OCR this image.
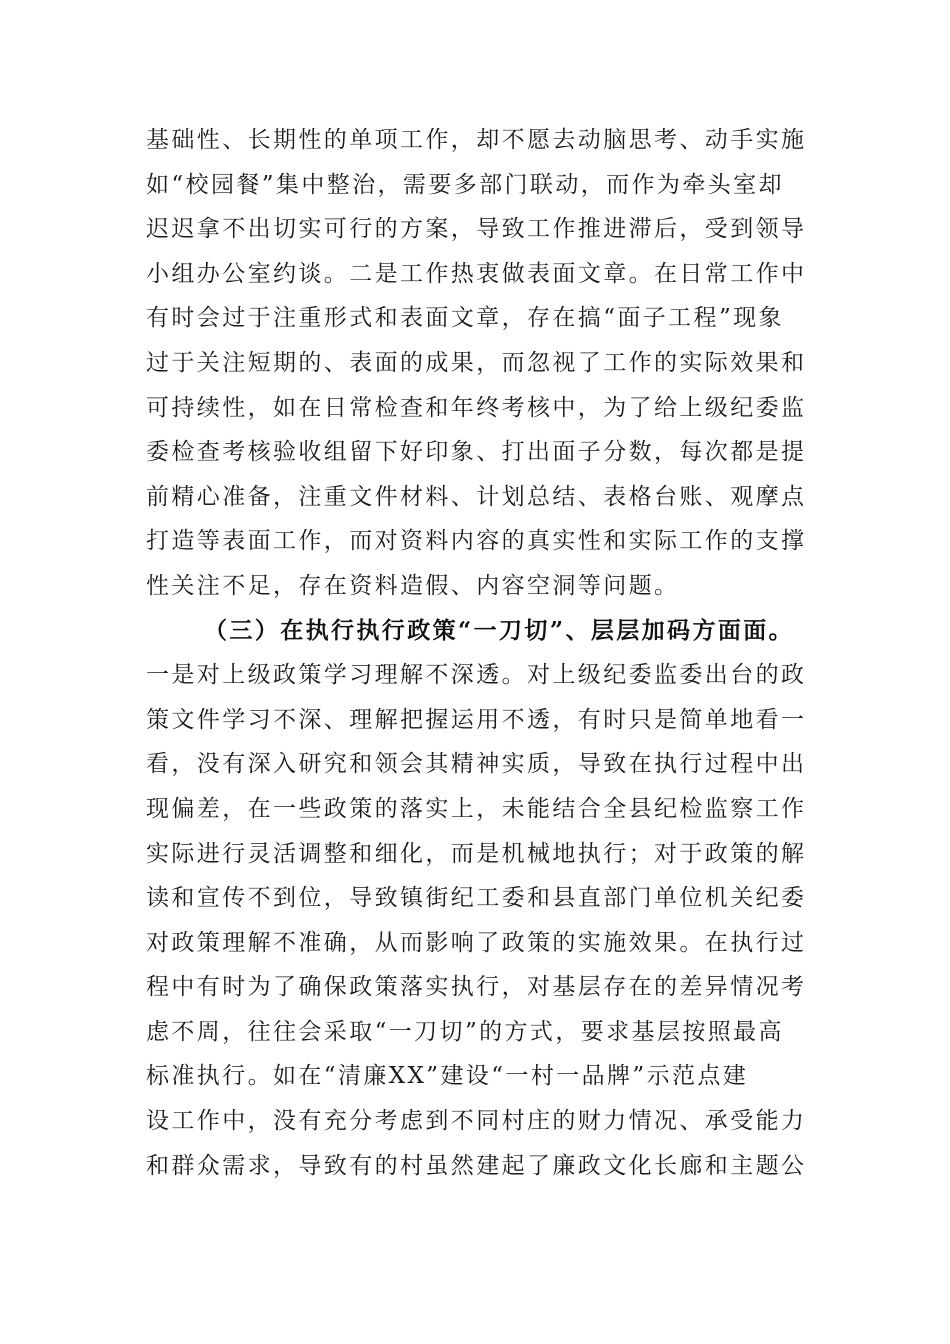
基础性、长期性的单项工作，却不愿去动脑思考、动手实施
如“校园餐”集中整治，需要多部门联动，而作为牵头室却
迟迟拿不出切实可行的方案，导致工作推进滞后，受到领导
小组办公室约谈。二是工作热衷做表面文章。在日常工作中
有时会过于注重形式和表面文章，存在搞“面子工程”现象
过于关注短期的、表面的成果，而忽视了工作的实际效果和
可持续性，如在日常检查和年终考核中，为了给上级纪委监
委检查考核验收组留下好印象、打出面子分数，每次都是提
前精心准备，注重文件材料、计划总结、表格台账、观摩点
打造等表面工作，而对资料内容的真实性和实际工作的支撑
性关注不足，存在资料造假、内容空洞等问题。
（三）在执行执行政策“一刀切”、层层加码方面面。
一是对上级政策学习理解不深透。对上级纪委监委出台的政
策文件学习不深、理解把握运用不透，有时只是简单地看一
看，没有深入研究和领会其精神实质，导致在执行过程中出
现偏差，在一些政策的落实上，未能结合全县纪检监察工作
实际进行灵活调整和细化，而是机械地执行；对于政策的解
读和宣传不到位，导致镇街纪工委和县直部门单位机关纪委
对政策理解不准确，从而影响了政策的实施效果。在执行过
程中有时为了确保政策落实执行，对基层存在的差异情况考
虑不周，往往会采取“一刀切”的方式，要求基层按照最高
标准执行。如在“清廉XX”建设“一村一品牌”示范点建
设工作中，没有充分考虑到不同村庄的财力情况、承受能力
和群众需求，导致有的村虽然建起了廉政文化长廊和主题公
